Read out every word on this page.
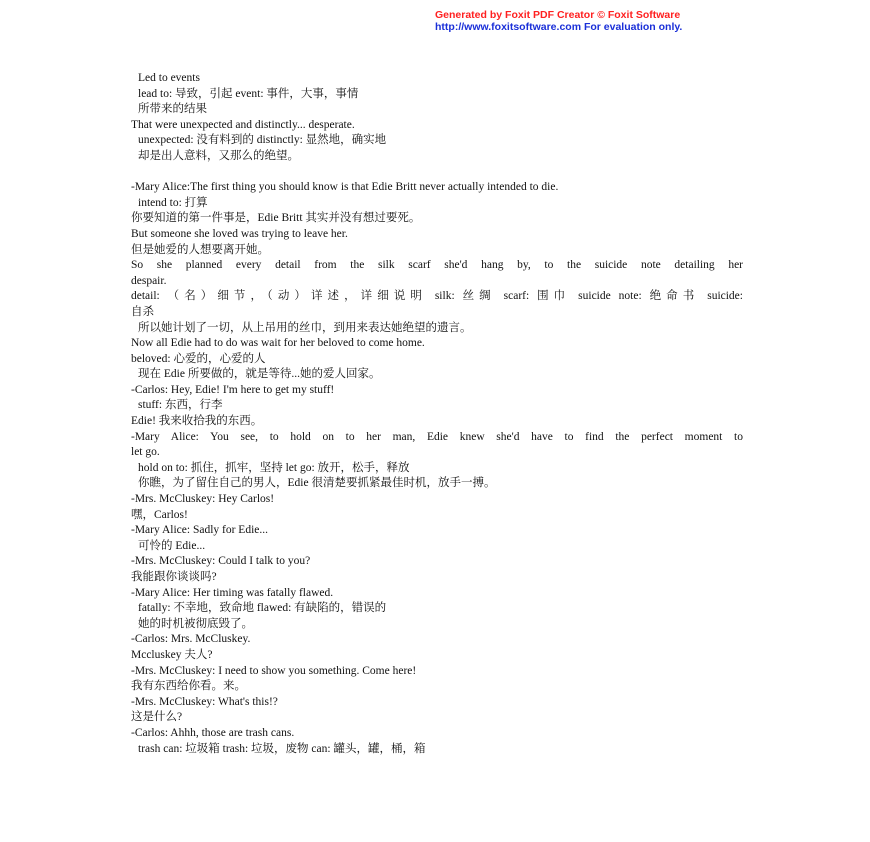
Generated by Foxit PDF Creator © Foxit Software
http://www.foxitsoftware.com For evaluation only.
Led to events
lead to: 导致，引起 event: 事件，大事，事情
所带来的结果
That were unexpected and distinctly... desperate.
unexpected: 没有料到的 distinctly: 显然地，确实地
却是出人意料，又那么的绝望。
-Mary Alice:The first thing you should know is that Edie Britt never actually intended to die.
intend to: 打算
你要知道的第一件事是，Edie Britt 其实并没有想过要死。
But someone she loved was trying to leave her.
但是她爱的人想要离开她。
So she planned every detail from the silk scarf she'd hang by, to the suicide note detailing her
despair.
detail: （名）细节，（动）详述，详细说明 silk: 丝绸 scarf: 围巾 suicide note: 绝命书 suicide:
自杀
所以她计划了一切，从上吊用的丝巾，到用来表达她绝望的遗言。
Now all Edie had to do was wait for her beloved to come home.
beloved: 心爱的，心爱的人
现在 Edie 所要做的，就是等待...她的爱人回家。
-Carlos: Hey, Edie! I'm here to get my stuff!
stuff: 东西，行李
Edie! 我来收拾我的东西。
-Mary Alice: You see, to hold on to her man, Edie knew she'd have to find the perfect moment to
let go.
hold on to: 抓住，抓牢，坚持 let go: 放开，松手，释放
你瞧，为了留住自己的男人，Edie 很清楚要抓紧最佳时机，放手一搏。
-Mrs. McCluskey: Hey Carlos!
嘿，Carlos!
-Mary Alice: Sadly for Edie...
可怜的 Edie...
-Mrs. McCluskey: Could I talk to you?
我能跟你谈谈吗?
-Mary Alice: Her timing was fatally flawed.
fatally: 不幸地，致命地 flawed: 有缺陷的，错误的
她的时机被彻底毁了。
-Carlos: Mrs. McCluskey.
Mccluskey 夫人?
-Mrs. McCluskey: I need to show you something. Come here!
我有东西给你看。来。
-Mrs. McCluskey: What's this!?
这是什么?
-Carlos: Ahhh, those are trash cans.
trash can: 垃圾箱 trash: 垃圾，废物 can: 罐头，罐，桶，箱
